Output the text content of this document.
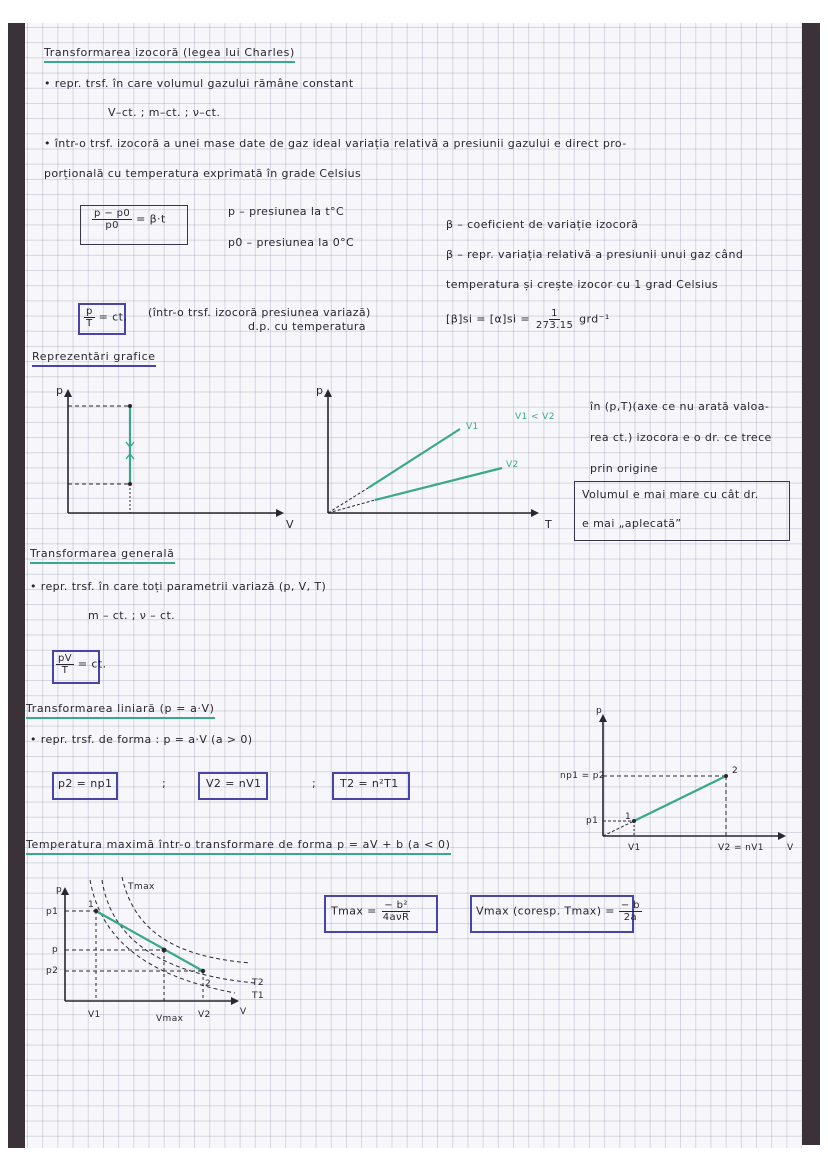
Transformarea izocoră (legea lui Charles)
• repr. trsf. în care volumul gazului rămâne constant
V–ct. ; m–ct. ; ν–ct.
• într-o trsf. izocoră a unei mase date de gaz ideal variația relativă a presiunii gazului e direct pro-
porțională cu temperatura exprimată în grade Celsius
$\frac{p - p0}{p0} = \beta\cdot t$
p – presiunea la t°C
p0 – presiunea la 0°C
β – coeficient de variație izocoră
β – repr. variația relativă a presiunii unui gaz când
temperatura și crește izocor cu 1 grad Celsius
$[\beta]si = [\alpha]si = \frac{1}{273.15} grd^{-1}$
$\frac{p}{T}$ = ct. (într-o trsf. izocoră presiunea variază)
d.p. cu temperatura
Reprezentări grafice
p
V
p
T
V1
V2
V1 < V2
în (p,T)(axe ce nu arată valoa-
rea ct.) izocora e o dr. ce trece
prin origine
Volumul e mai mare cu cât dr.
e mai „aplecată”
Transformarea generală
• repr. trsf. în care toți parametrii variază (p, V, T)
m – ct. ; ν – ct.
$\frac{pV}{T}$ = ct.
Transformarea liniară (p = a·V)
• repr. trsf. de forma : p = a·V (a > 0)
p2 = np1	;	V2 = nV1	; T2 = n²T1
p
V
np1 = p2
p1
V1	V2 = nV1
1
2
Temperatura maximă într-o transformare de forma p = aV + b (a < 0)
p
V
p1
p
p2
V1	Vmax V2
Tmax
T2
T1
1
2
$Tmax = \frac{\text{− b²}}{\text{4aνR}}$	Vmax (coresp. $Tmax) = \frac{- b}{2a}$
